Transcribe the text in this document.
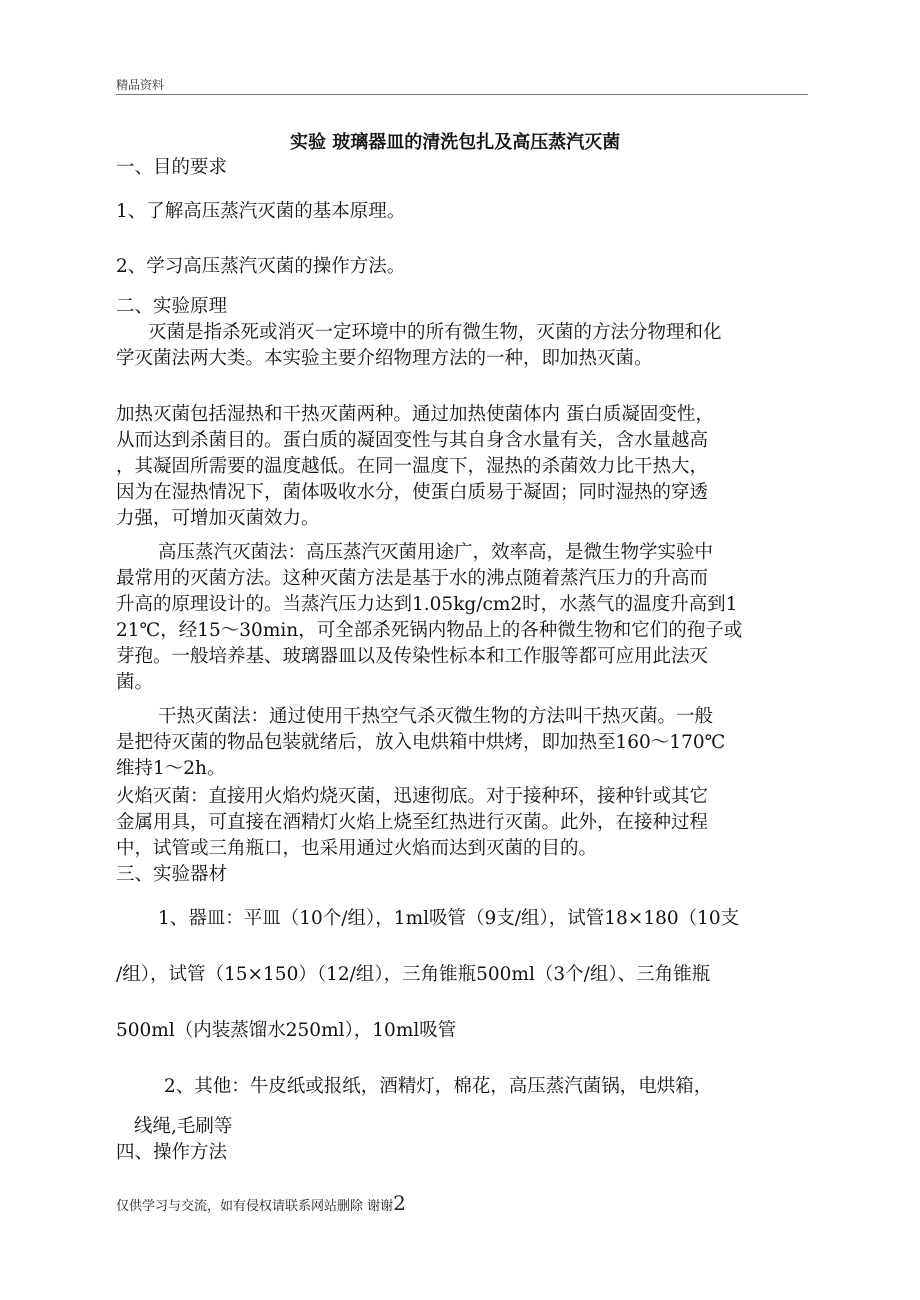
精品资料
实验 玻璃器皿的清洗包扎及高压蒸汽灭菌
一、目的要求
1、了解高压蒸汽灭菌的基本原理。
2、学习高压蒸汽灭菌的操作方法。
二、实验原理
灭菌是指杀死或消灭一定环境中的所有微生物，灭菌的方法分物理和化
学灭菌法两大类。本实验主要介绍物理方法的一种，即加热灭菌。
加热灭菌包括湿热和干热灭菌两种。通过加热使菌体内 蛋白质凝固变性，
从而达到杀菌目的。蛋白质的凝固变性与其自身含水量有关，含水量越高
，其凝固所需要的温度越低。在同一温度下，湿热的杀菌效力比干热大，
因为在湿热情况下，菌体吸收水分，使蛋白质易于凝固；同时湿热的穿透
力强，可增加灭菌效力。
高压蒸汽灭菌法：高压蒸汽灭菌用途广，效率高，是微生物学实验中
最常用的灭菌方法。这种灭菌方法是基于水的沸点随着蒸汽压力的升高而
升高的原理设计的。当蒸汽压力达到1.05kg/cm2时，水蒸气的温度升高到1
21℃，经15～30min，可全部杀死锅内物品上的各种微生物和它们的孢子或
芽孢。一般培养基、玻璃器皿以及传染性标本和工作服等都可应用此法灭
菌。
干热灭菌法：通过使用干热空气杀灭微生物的方法叫干热灭菌。一般
是把待灭菌的物品包装就绪后，放入电烘箱中烘烤，即加热至160～170℃
维持1～2h。
火焰灭菌：直接用火焰灼烧灭菌，迅速彻底。对于接种环，接种针或其它
金属用具，可直接在酒精灯火焰上烧至红热进行灭菌。此外，在接种过程
中，试管或三角瓶口，也采用通过火焰而达到灭菌的目的。
三、实验器材
1、器皿：平皿（10个/组），1ml吸管（9支/组），试管18×180（10支
/组），试管（15×150）（12/组），三角锥瓶500ml（3个/组）、三角锥瓶
500ml（内装蒸馏水250ml），10ml吸管
2、其他：牛皮纸或报纸，酒精灯，棉花，高压蒸汽菌锅，电烘箱，
线绳,毛刷等
四、操作方法
仅供学习与交流，如有侵权请联系网站删除 谢谢2
